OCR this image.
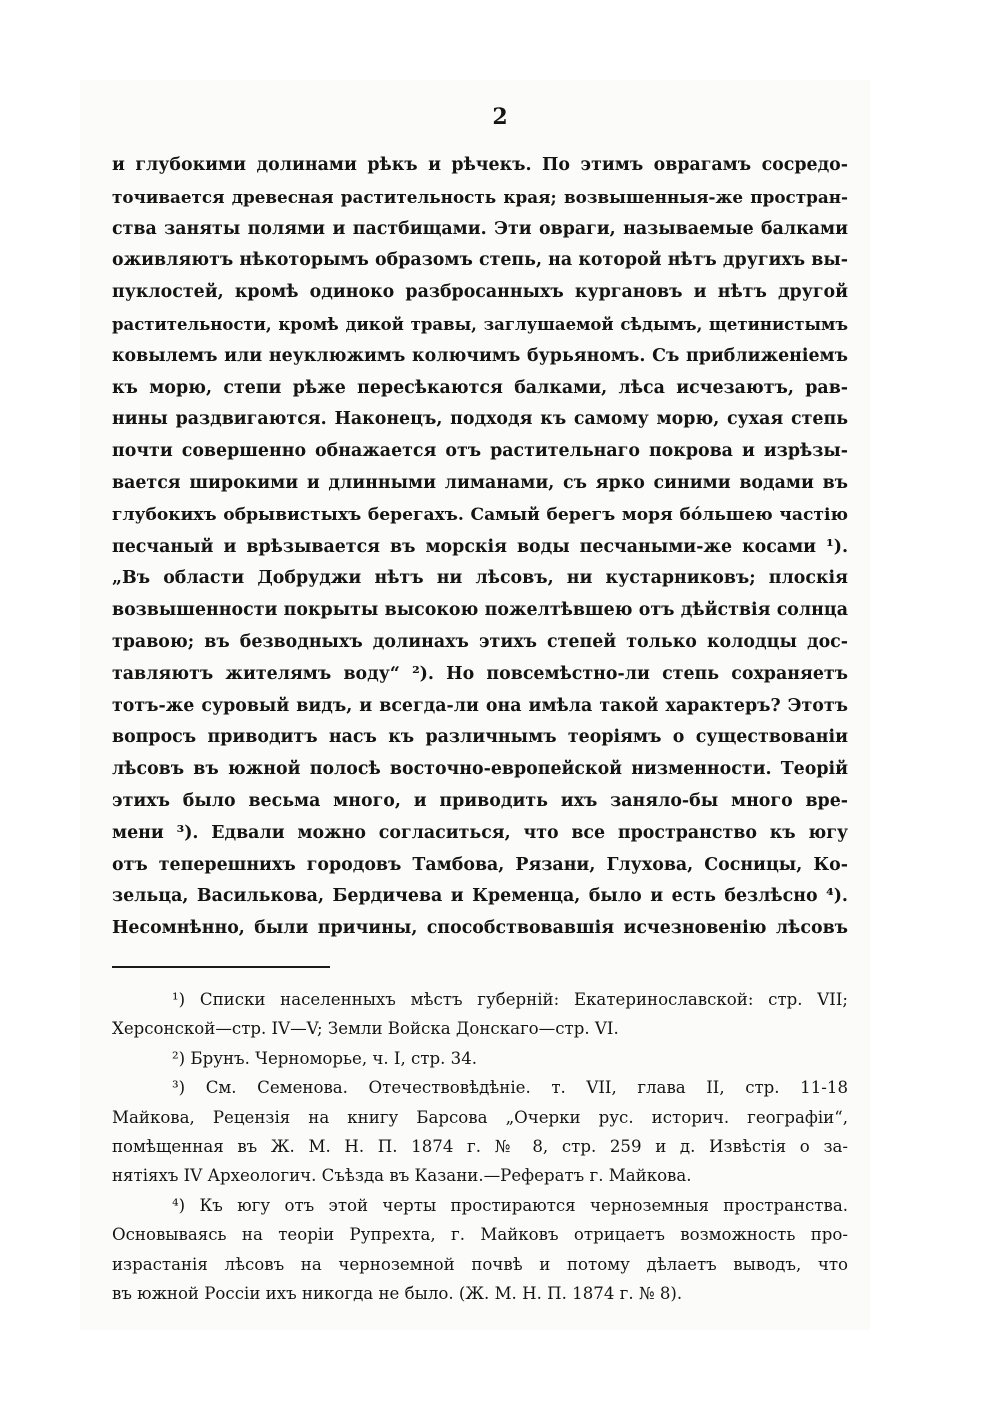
2
и глубокими долинами рѣкъ и рѣчекъ. По этимъ оврагамъ сосредо-
точивается древесная растительность края; возвышенныя-же простран-
ства заняты полями и пастбищами. Эти овраги, называемые балками
оживляютъ нѣкоторымъ образомъ степь, на которой нѣтъ другихъ вы-
пуклостей, кромѣ одиноко разбросанныхъ кургановъ и нѣтъ другой
растительности, кромѣ дикой травы, заглушаемой сѣдымъ, щетинистымъ
ковылемъ или неуклюжимъ колючимъ бурьяномъ. Съ приближеніемъ
къ морю, степи рѣже пересѣкаются балками, лѣса исчезаютъ, рав-
нины раздвигаются. Наконецъ, подходя къ самому морю, сухая степь
почти совершенно обнажается отъ растительнаго покрова и изрѣзы-
вается широкими и длинными лиманами, съ ярко синими водами въ
глубокихъ обрывистыхъ берегахъ. Самый берегъ моря бóльшею частію
песчаный и врѣзывается въ морскія воды песчаными-же косами ¹).
„Въ области Добруджи нѣтъ ни лѣсовъ, ни кустарниковъ; плоскія
возвышенности покрыты высокою пожелтѣвшею отъ дѣйствія солнца
травою; въ безводныхъ долинахъ этихъ степей только колодцы дос-
тавляютъ жителямъ воду“ ²). Но повсемѣстно-ли степь сохраняетъ
тотъ-же суровый видъ, и всегда-ли она имѣла такой характеръ? Этотъ
вопросъ приводитъ насъ къ различнымъ теоріямъ о существованіи
лѣсовъ въ южной полосѣ восточно-европейской низменности. Теорій
этихъ было весьма много, и приводить ихъ заняло-бы много вре-
мени ³). Едвали можно согласиться, что все пространство къ югу
отъ теперешнихъ городовъ Тамбова, Рязани, Глухова, Сосницы, Ко-
зельца, Василькова, Бердичева и Кременца, было и есть безлѣсно ⁴).
Несомнѣнно, были причины, способствовавшія исчезновенію лѣсовъ
¹) Списки населенныхъ мѣстъ губерній: Екатеринославской: стр. VII;
Херсонской—стр. IV—V; Земли Войска Донскаго—стр. VI.
²) Брунъ. Черноморье, ч. I, стр. 34.
³) См. Семенова. Отечествовѣдѣніе. т. VII, глава II, стр. 11-18
Майкова, Рецензія на книгу Барсова „Очерки рус. историч. географіи“,
помѣщенная въ Ж. М. Н. П. 1874 г. № 8, стр. 259 и д. Извѣстія о за-
нятіяхъ IV Археологич. Съѣзда въ Казани.—Рефератъ г. Майкова.
⁴) Къ югу отъ этой черты простираются черноземныя пространства.
Основываясь на теоріи Рупрехта, г. Майковъ отрицаетъ возможность про-
израстанія лѣсовъ на черноземной почвѣ и потому дѣлаетъ выводъ, что
въ южной Россіи ихъ никогда не было. (Ж. М. Н. П. 1874 г. № 8).
